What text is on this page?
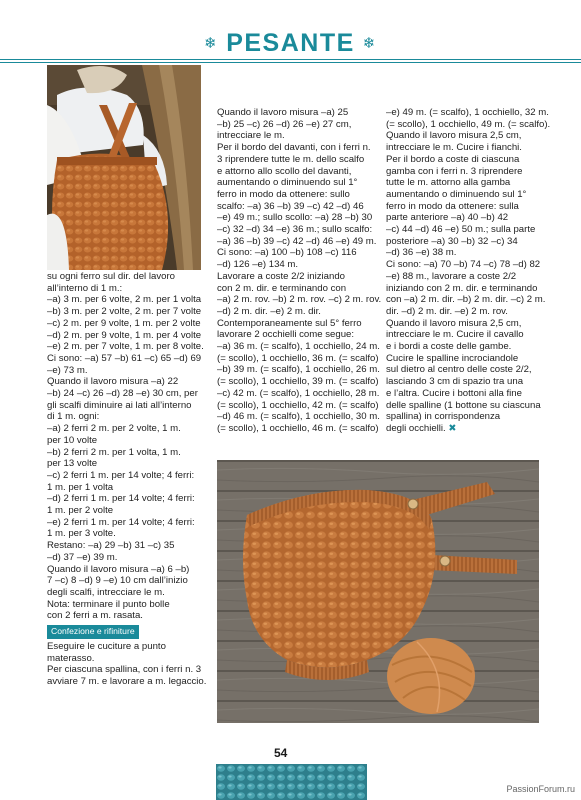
❄ PESANTE ❄

su ogni ferro sul dir. del lavoro
all’interno di 1 m.:
–a) 3 m. per 6 volte, 2 m. per 1 volta
–b) 3 m. per 2 volte, 2 m. per 7 volte
–c) 2 m. per 9 volte, 1 m. per 2 volte
–d) 2 m. per 9 volte, 1 m. per 4 volte
–e) 2 m. per 7 volte, 1 m. per 8 volte.
Ci sono: –a) 57 –b) 61 –c) 65 –d) 69
–e) 73 m.
Quando il lavoro misura –a) 22
–b) 24 –c) 26 –d) 28 –e) 30 cm, per
gli scalfi diminuire ai lati all’interno
di 1 m. ogni:
–a) 2 ferri 2 m. per 2 volte, 1 m.
per 10 volte
–b) 2 ferri 2 m. per 1 volta, 1 m.
per 13 volte
–c) 2 ferri 1 m. per 14 volte; 4 ferri:
1 m. per 1 volta
–d) 2 ferri 1 m. per 14 volte; 4 ferri:
1 m. per 2 volte
–e) 2 ferri 1 m. per 14 volte; 4 ferri:
1 m. per 3 volte.
Restano: –a) 29 –b) 31 –c) 35
–d) 37 –e) 39 m.
Quando il lavoro misura –a) 6 –b)
7 –c) 8 –d) 9 –e) 10 cm dall’inizio
degli scalfi, intrecciare le m.
Nota: terminare il punto bolle
con 2 ferri a m. rasata.

Confezione e rifiniture

Eseguire le cuciture a punto
materasso.
Per ciascuna spallina, con i ferri n. 3
avviare 7 m. e lavorare a m. legaccio.

Quando il lavoro misura –a) 25
–b) 25 –c) 26 –d) 26 –e) 27 cm,
intrecciare le m.
Per il bordo del davanti, con i ferri n.
3 riprendere tutte le m. dello scalfo
e attorno allo scollo del davanti,
aumentando o diminuendo sul 1°
ferro in modo da ottenere: sullo
scalfo: –a) 36 –b) 39 –c) 42 –d) 46
–e) 49 m.; sullo scollo: –a) 28 –b) 30
–c) 32 –d) 34 –e) 36 m.; sullo scalfo:
–a) 36 –b) 39 –c) 42 –d) 46 –e) 49 m.
Ci sono: –a) 100 –b) 108 –c) 116
–d) 126 –e) 134 m.
Lavorare a coste 2/2 iniziando
con 2 m. dir. e terminando con
–a) 2 m. rov. –b) 2 m. rov. –c) 2 m. rov.
–d) 2 m. dir. –e) 2 m. dir.
Contemporaneamente sul 5° ferro
lavorare 2 occhielli come segue:
–a) 36 m. (= scalfo), 1 occhiello, 24 m.
(= scollo), 1 occhiello, 36 m. (= scalfo)
–b) 39 m. (= scalfo), 1 occhiello, 26 m.
(= scollo), 1 occhiello, 39 m. (= scalfo)
–c) 42 m. (= scalfo), 1 occhiello, 28 m.
(= scollo), 1 occhiello, 42 m. (= scalfo)
–d) 46 m. (= scalfo), 1 occhiello, 30 m.
(= scollo), 1 occhiello, 46 m. (= scalfo)

–e) 49 m. (= scalfo), 1 occhiello, 32 m.
(= scollo), 1 occhiello, 49 m. (= scalfo).
Quando il lavoro misura 2,5 cm,
intrecciare le m. Cucire i fianchi.
Per il bordo a coste di ciascuna
gamba con i ferri n. 3 riprendere
tutte le m. attorno alla gamba
aumentando o diminuendo sul 1°
ferro in modo da ottenere: sulla
parte anteriore –a) 40 –b) 42
–c) 44 –d) 46 –e) 50 m.; sulla parte
posteriore –a) 30 –b) 32 –c) 34
–d) 36 –e) 38 m.
Ci sono: –a) 70 –b) 74 –c) 78 –d) 82
–e) 88 m., lavorare a coste 2/2
iniziando con 2 m. dir. e terminando
con –a) 2 m. dir. –b) 2 m. dir. –c) 2 m.
dir. –d) 2 m. dir. –e) 2 m. rov.
Quando il lavoro misura 2,5 cm,
intrecciare le m. Cucire il cavallo
e i bordi a coste delle gambe.
Cucire le spalline incrociandole
sul dietro al centro delle coste 2/2,
lasciando 3 cm di spazio tra una
e l’altra. Cucire i bottoni alla fine
delle spalline (1 bottone su ciascuna
spallina) in corrispondenza
degli occhielli. ✖

54
PassionForum.ru
